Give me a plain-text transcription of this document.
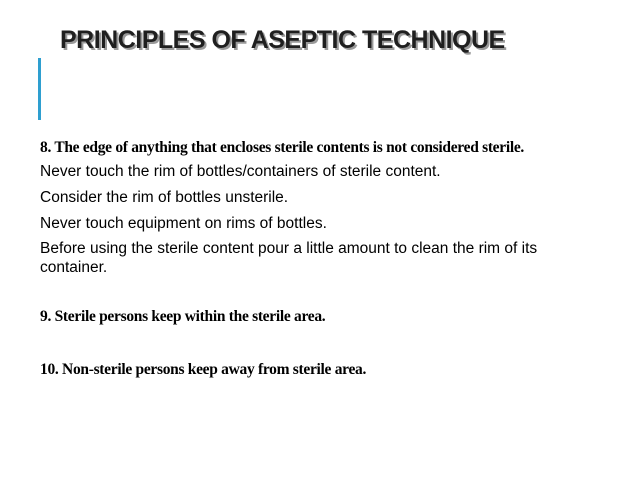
PRINCIPLES OF ASEPTIC TECHNIQUE
8. The edge of anything that encloses sterile contents is not considered sterile.
Never touch the rim of bottles/containers of sterile content.
Consider the rim of bottles unsterile.
Never touch equipment on rims of bottles.
Before using the sterile content pour a little amount to clean the rim of its container.
9. Sterile persons keep within the sterile area.
10. Non-sterile persons keep away from sterile area.
